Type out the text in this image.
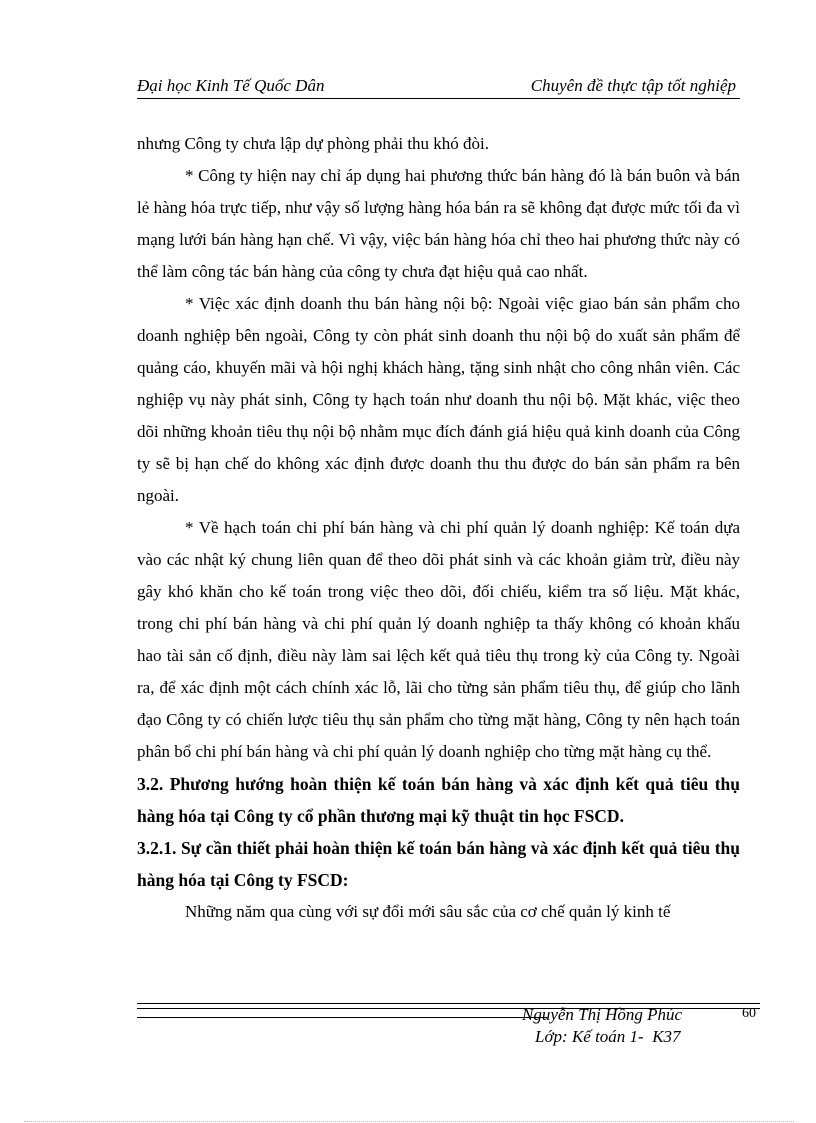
Đại học Kinh Tế Quốc Dân	Chuyên đề thực tập tốt nghiệp

nhưng Công ty chưa lập dự phòng phải thu khó đòi.

* Công ty hiện nay chỉ áp dụng hai phương thức bán hàng đó là bán buôn và bán lẻ hàng hóa trực tiếp, như vậy số lượng hàng hóa bán ra sẽ không đạt được mức tối đa vì mạng lưới bán hàng hạn chế. Vì vậy, việc bán hàng hóa chỉ theo hai phương thức này có thể làm công tác bán hàng của công ty chưa đạt hiệu quả cao nhất.

* Việc xác định doanh thu bán hàng nội bộ: Ngoài việc giao bán sản phẩm cho doanh nghiệp bên ngoài, Công ty còn phát sinh doanh thu nội bộ do xuất sản phẩm để quảng cáo, khuyến mãi và hội nghị khách hàng, tặng sinh nhật cho công nhân viên. Các nghiệp vụ này phát sinh, Công ty hạch toán như doanh thu nội bộ. Mặt khác, việc theo dõi những khoản tiêu thụ nội bộ nhằm mục đích đánh giá hiệu quả kinh doanh của Công ty sẽ bị hạn chế do không xác định được doanh thu thu được do bán sản phẩm ra bên ngoài.

* Về hạch toán chi phí bán hàng và chi phí quản lý doanh nghiệp: Kế toán dựa vào các nhật ký chung liên quan để theo dõi phát sinh và các khoản giảm trừ, điều này gây khó khăn cho kế toán trong việc theo dõi, đối chiếu, kiểm tra số liệu. Mặt khác, trong chi phí bán hàng và chi phí quản lý doanh nghiệp ta thấy không có khoản khấu hao tài sản cố định, điều này làm sai lệch kết quả tiêu thụ trong kỳ của Công ty. Ngoài ra, để xác định một cách chính xác lỗ, lãi cho từng sản phẩm tiêu thụ, để giúp cho lãnh đạo Công ty có chiến lược tiêu thụ sản phẩm cho từng mặt hàng, Công ty nên hạch toán phân bổ chi phí bán hàng và chi phí quản lý doanh nghiệp cho từng mặt hàng cụ thể.

3.2. Phương hướng hoàn thiện kế toán bán hàng và xác định kết quả tiêu thụ hàng hóa tại Công ty cổ phần thương mại kỹ thuật tin học FSCD.

3.2.1. Sự cần thiết phải hoàn thiện kế toán bán hàng và xác định kết quả tiêu thụ hàng hóa tại Công ty FSCD:

Những năm qua cùng với sự đổi mới sâu sắc của cơ chế quản lý kinh tế

Nguyễn Thị Hồng Phúc	60
Lớp: Kế toán 1-  K37
